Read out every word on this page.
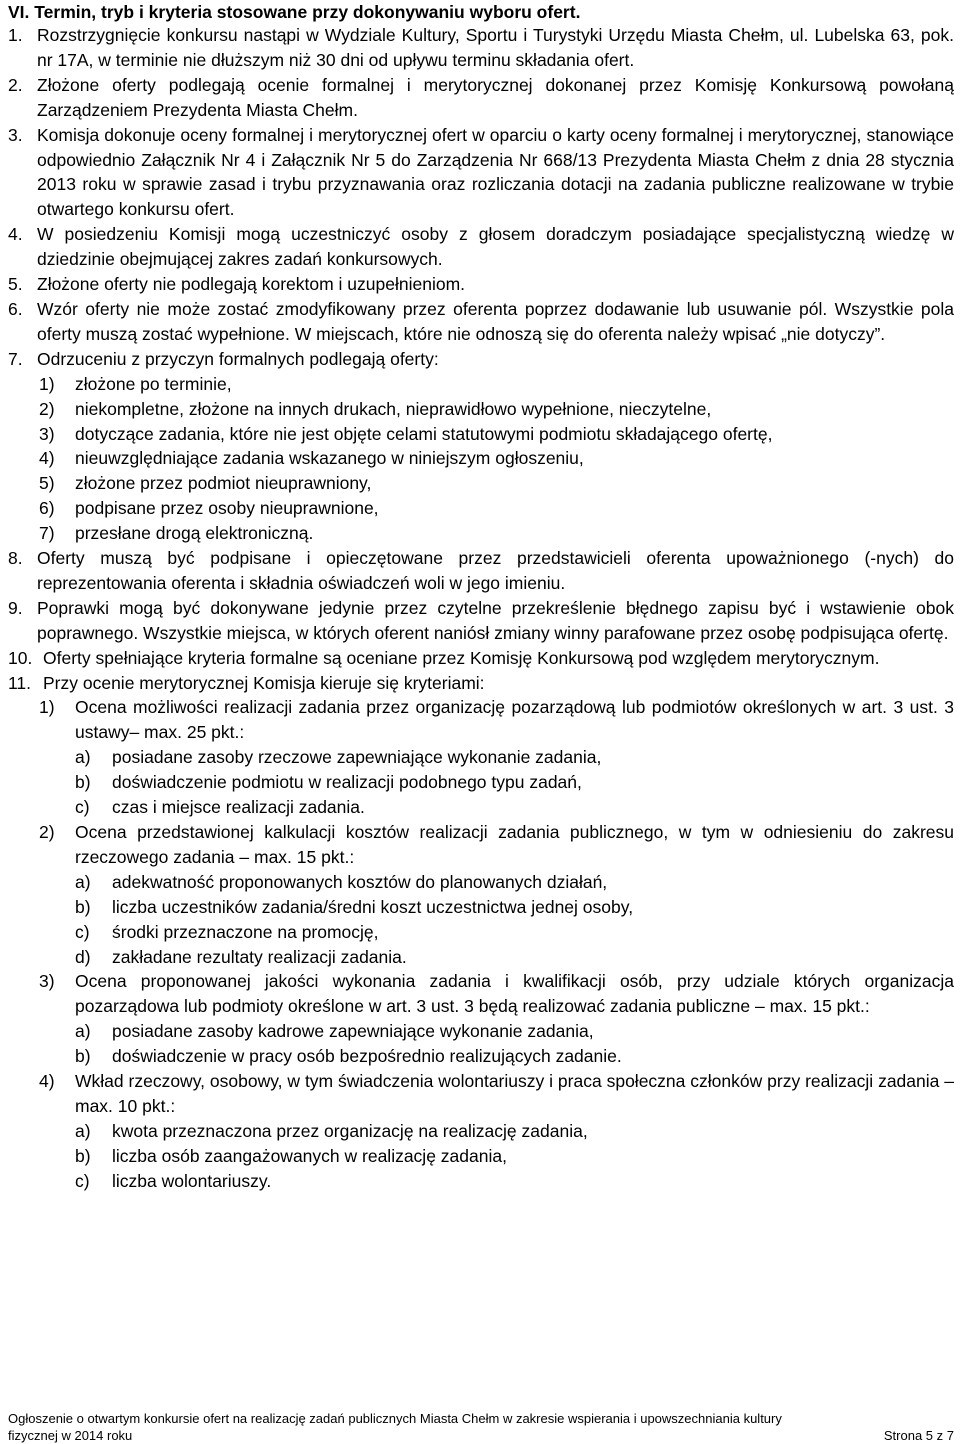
VI. Termin, tryb i kryteria stosowane przy dokonywaniu wyboru ofert.

1. Rozstrzygnięcie konkursu nastąpi w Wydziale Kultury, Sportu i Turystyki Urzędu Miasta Chełm, ul. Lubelska 63, pok. nr 17A, w terminie nie dłuższym niż 30 dni od upływu terminu składania ofert.

2. Złożone oferty podlegają ocenie formalnej i merytorycznej dokonanej przez Komisję Konkursową powołaną Zarządzeniem Prezydenta Miasta Chełm.

3. Komisja dokonuje oceny formalnej i merytorycznej ofert w oparciu o karty oceny formalnej i merytorycznej, stanowiące odpowiednio Załącznik Nr 4 i Załącznik Nr 5 do Zarządzenia Nr 668/13 Prezydenta Miasta Chełm z dnia 28 stycznia 2013 roku w sprawie zasad i trybu przyznawania oraz rozliczania dotacji na zadania publiczne realizowane w trybie otwartego konkursu ofert.

4. W posiedzeniu Komisji mogą uczestniczyć osoby z głosem doradczym posiadające specjalistyczną wiedzę w dziedzinie obejmującej zakres zadań konkursowych.

5. Złożone oferty nie podlegają korektom i uzupełnieniom.

6. Wzór oferty nie może zostać zmodyfikowany przez oferenta poprzez dodawanie lub usuwanie pól. Wszystkie pola oferty muszą zostać wypełnione. W miejscach, które nie odnoszą się do oferenta należy wpisać „nie dotyczy”.

7. Odrzuceniu z przyczyn formalnych podlegają oferty:

1)	złożone po terminie,

2)	niekompletne, złożone na innych drukach, nieprawidłowo wypełnione, nieczytelne,

3)	dotyczące zadania, które nie jest objęte celami statutowymi podmiotu składającego ofertę,

4)	nieuwzględniające zadania wskazanego w niniejszym ogłoszeniu,

5)	złożone przez podmiot nieuprawniony,

6)	podpisane przez osoby nieuprawnione,

7)	przesłane drogą elektroniczną.

8. Oferty muszą być podpisane i opieczętowane przez przedstawicieli oferenta upoważnionego (-nych) do reprezentowania oferenta i składnia oświadczeń woli w jego imieniu.

9. Poprawki mogą być dokonywane jedynie przez czytelne przekreślenie błędnego zapisu być i wstawienie obok poprawnego. Wszystkie miejsca, w których oferent naniósł zmiany winny parafowane przez osobę podpisująca ofertę.

10. Oferty spełniające kryteria formalne są oceniane przez Komisję Konkursową pod względem merytorycznym.

11. Przy ocenie merytorycznej Komisja kieruje się kryteriami:

1)	Ocena możliwości realizacji zadania przez organizację pozarządową lub podmiotów określonych w art. 3 ust. 3 ustawy– max. 25 pkt.:

a)	posiadane zasoby rzeczowe zapewniające wykonanie zadania,

b)	doświadczenie podmiotu w realizacji podobnego typu zadań,

c)	czas i miejsce realizacji zadania.

2)	Ocena przedstawionej kalkulacji kosztów realizacji zadania publicznego, w tym w odniesieniu do zakresu rzeczowego zadania – max. 15 pkt.:

a)	adekwatność proponowanych kosztów do planowanych działań,

b)	liczba uczestników zadania/średni koszt uczestnictwa jednej osoby,

c)	środki przeznaczone na promocję,

d)	zakładane rezultaty realizacji zadania.

3)	Ocena proponowanej jakości wykonania zadania i kwalifikacji osób, przy udziale których organizacja pozarządowa lub podmioty określone w art. 3 ust. 3 będą realizować zadania publiczne – max. 15 pkt.:

a)	posiadane zasoby kadrowe zapewniające wykonanie zadania,

b)	doświadczenie w pracy osób bezpośrednio realizujących zadanie.

4)	Wkład rzeczowy, osobowy, w tym świadczenia wolontariuszy i praca społeczna członków przy realizacji zadania – max. 10 pkt.:

a)	kwota przeznaczona przez organizację na realizację zadania,

b)	liczba osób zaangażowanych w realizację zadania,

c)	liczba wolontariuszy.

Ogłoszenie o otwartym konkursie ofert na realizację zadań publicznych Miasta Chełm w zakresie wspierania i upowszechniania kultury

fizycznej w 2014 roku	Strona 5 z 7
